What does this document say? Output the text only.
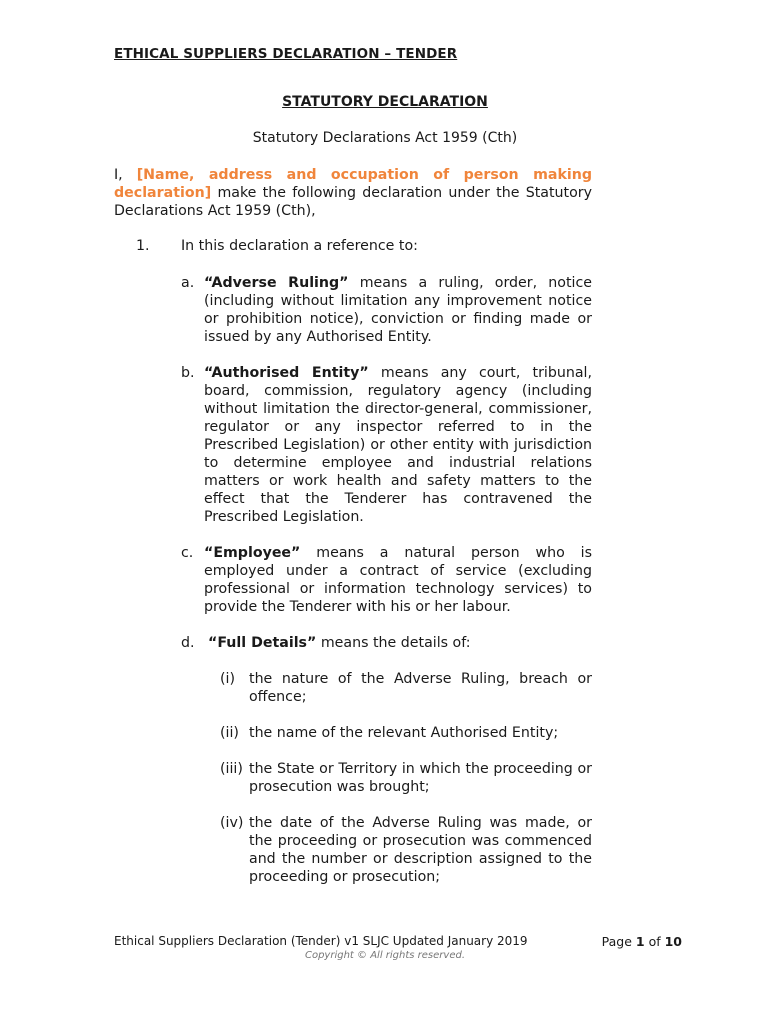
ETHICAL SUPPLIERS DECLARATION – TENDER
STATUTORY DECLARATION
Statutory Declarations Act 1959 (Cth)
I, [Name, address and occupation of person making declaration] make the following declaration under the Statutory Declarations Act 1959 (Cth),
1. In this declaration a reference to:
a. “Adverse Ruling” means a ruling, order, notice (including without limitation any improvement notice or prohibition notice), conviction or finding made or issued by any Authorised Entity.
b. “Authorised Entity” means any court, tribunal, board, commission, regulatory agency (including without limitation the director-general, commissioner, regulator or any inspector referred to in the Prescribed Legislation) or other entity with jurisdiction to determine employee and industrial relations matters or work health and safety matters to the effect that the Tenderer has contravened the Prescribed Legislation.
c. “Employee” means a natural person who is employed under a contract of service (excluding professional or information technology services) to provide the Tenderer with his or her labour.
d. “Full Details” means the details of:
(i) the nature of the Adverse Ruling, breach or offence;
(ii) the name of the relevant Authorised Entity;
(iii) the State or Territory in which the proceeding or prosecution was brought;
(iv) the date of the Adverse Ruling was made, or the proceeding or prosecution was commenced and the number or description assigned to the proceeding or prosecution;
Ethical Suppliers Declaration (Tender) v1 SLJC Updated January 2019	Page 1 of 10
Copyright © All rights reserved.
